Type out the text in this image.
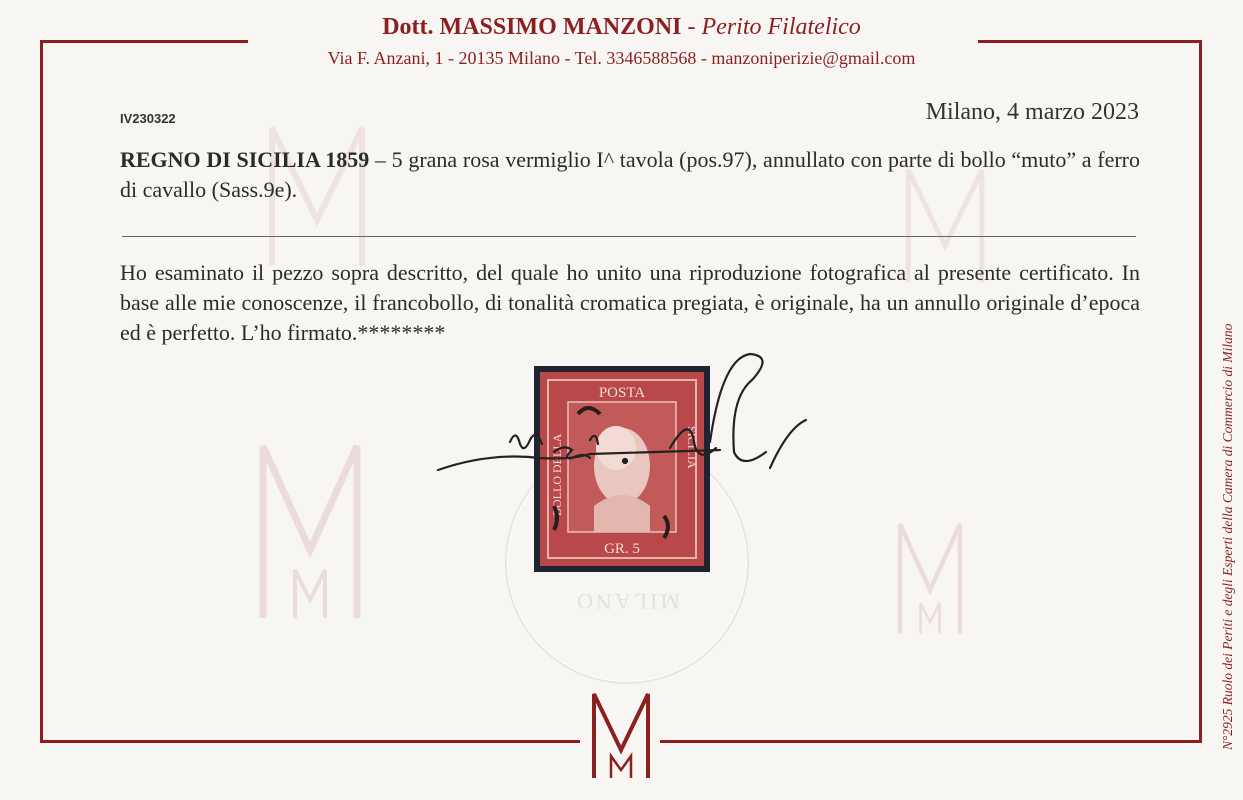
Dott. MASSIMO MANZONI - Perito Filatelico
Via F. Anzani, 1 - 20135 Milano - Tel. 3346588568 - manzoniperizie@gmail.com
IV230322	Milano, 4 marzo 2023
REGNO DI SICILIA 1859 – 5 grana rosa vermiglio I^ tavola (pos.97), annullato con parte di bollo “muto” a ferro di cavallo (Sass.9e).
Ho esaminato il pezzo sopra descritto, del quale ho unito una riproduzione fotografica al presente certificato. In base alle mie conoscenze, il francobollo, di tonalità cromatica pregiata, è originale, ha un annullo originale d’epoca ed è perfetto. L’ho firmato.********
MILANO
POSTA
GR. 5
BOLLO DELLA	SICILIA	N°2925 Ruolo dei Periti e degli Esperti della Camera di Commercio di Milano
